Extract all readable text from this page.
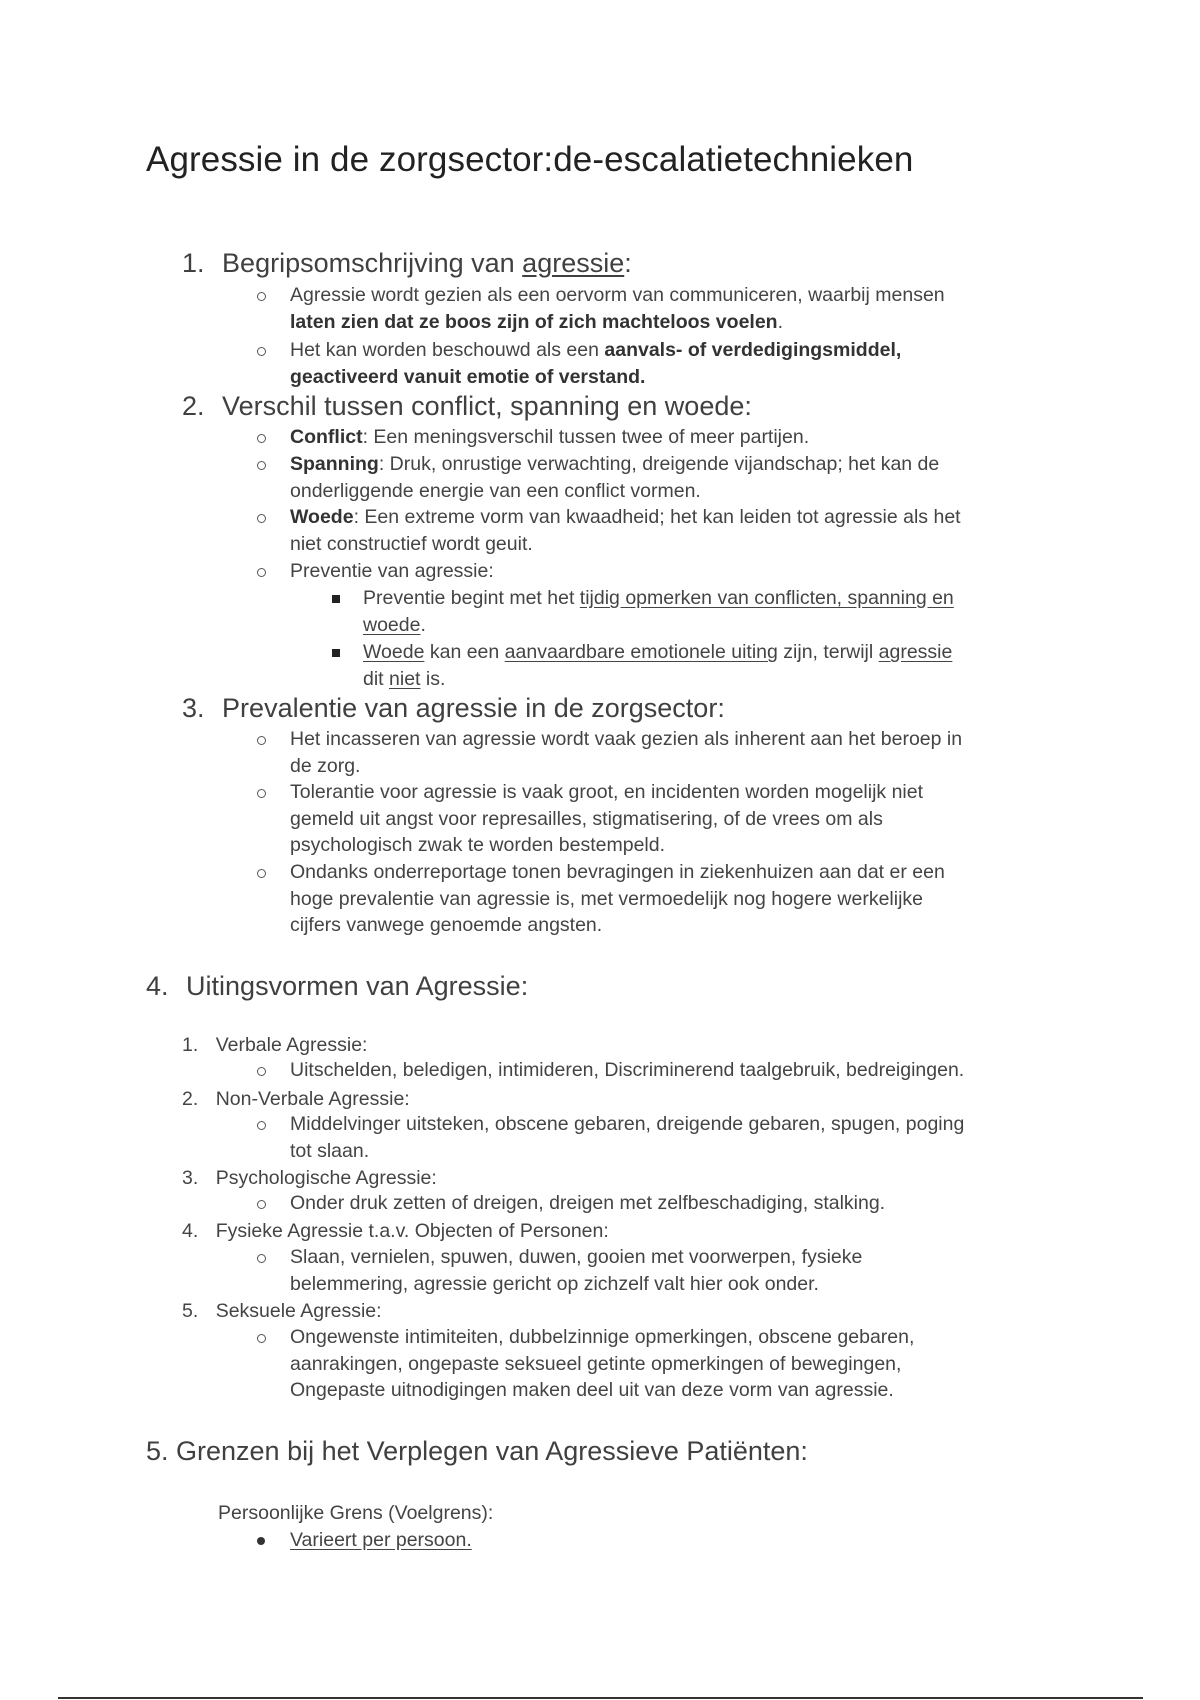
Agressie in de zorgsector:de-escalatietechnieken
1. Begripsomschrijving van agressie:
Agressie wordt gezien als een oervorm van communiceren, waarbij mensen
laten zien dat ze boos zijn of zich machteloos voelen.
Het kan worden beschouwd als een aanvals- of verdedigingsmiddel,
geactiveerd vanuit emotie of verstand.
2. Verschil tussen conflict, spanning en woede:
Conflict: Een meningsverschil tussen twee of meer partijen.
Spanning: Druk, onrustige verwachting, dreigende vijandschap; het kan de
onderliggende energie van een conflict vormen.
Woede: Een extreme vorm van kwaadheid; het kan leiden tot agressie als het
niet constructief wordt geuit.
Preventie van agressie:
Preventie begint met het tijdig opmerken van conflicten, spanning en
woede.
Woede kan een aanvaardbare emotionele uiting zijn, terwijl agressie
dit niet is.
3. Prevalentie van agressie in de zorgsector:
Het incasseren van agressie wordt vaak gezien als inherent aan het beroep in
de zorg.
Tolerantie voor agressie is vaak groot, en incidenten worden mogelijk niet
gemeld uit angst voor represailles, stigmatisering, of de vrees om als
psychologisch zwak te worden bestempeld.
Ondanks onderreportage tonen bevragingen in ziekenhuizen aan dat er een
hoge prevalentie van agressie is, met vermoedelijk nog hogere werkelijke
cijfers vanwege genoemde angsten.
4. Uitingsvormen van Agressie:
1. Verbale Agressie:
Uitschelden, beledigen, intimideren, Discriminerend taalgebruik, bedreigingen.
2. Non-Verbale Agressie:
Middelvinger uitsteken, obscene gebaren, dreigende gebaren, spugen, poging
tot slaan.
3. Psychologische Agressie:
Onder druk zetten of dreigen, dreigen met zelfbeschadiging, stalking.
4. Fysieke Agressie t.a.v. Objecten of Personen:
Slaan, vernielen, spuwen, duwen, gooien met voorwerpen, fysieke
belemmering, agressie gericht op zichzelf valt hier ook onder.
5. Seksuele Agressie:
Ongewenste intimiteiten, dubbelzinnige opmerkingen, obscene gebaren,
aanrakingen, ongepaste seksueel getinte opmerkingen of bewegingen,
Ongepaste uitnodigingen maken deel uit van deze vorm van agressie.
5. Grenzen bij het Verplegen van Agressieve Patiënten:
Persoonlijke Grens (Voelgrens):
Varieert per persoon.
